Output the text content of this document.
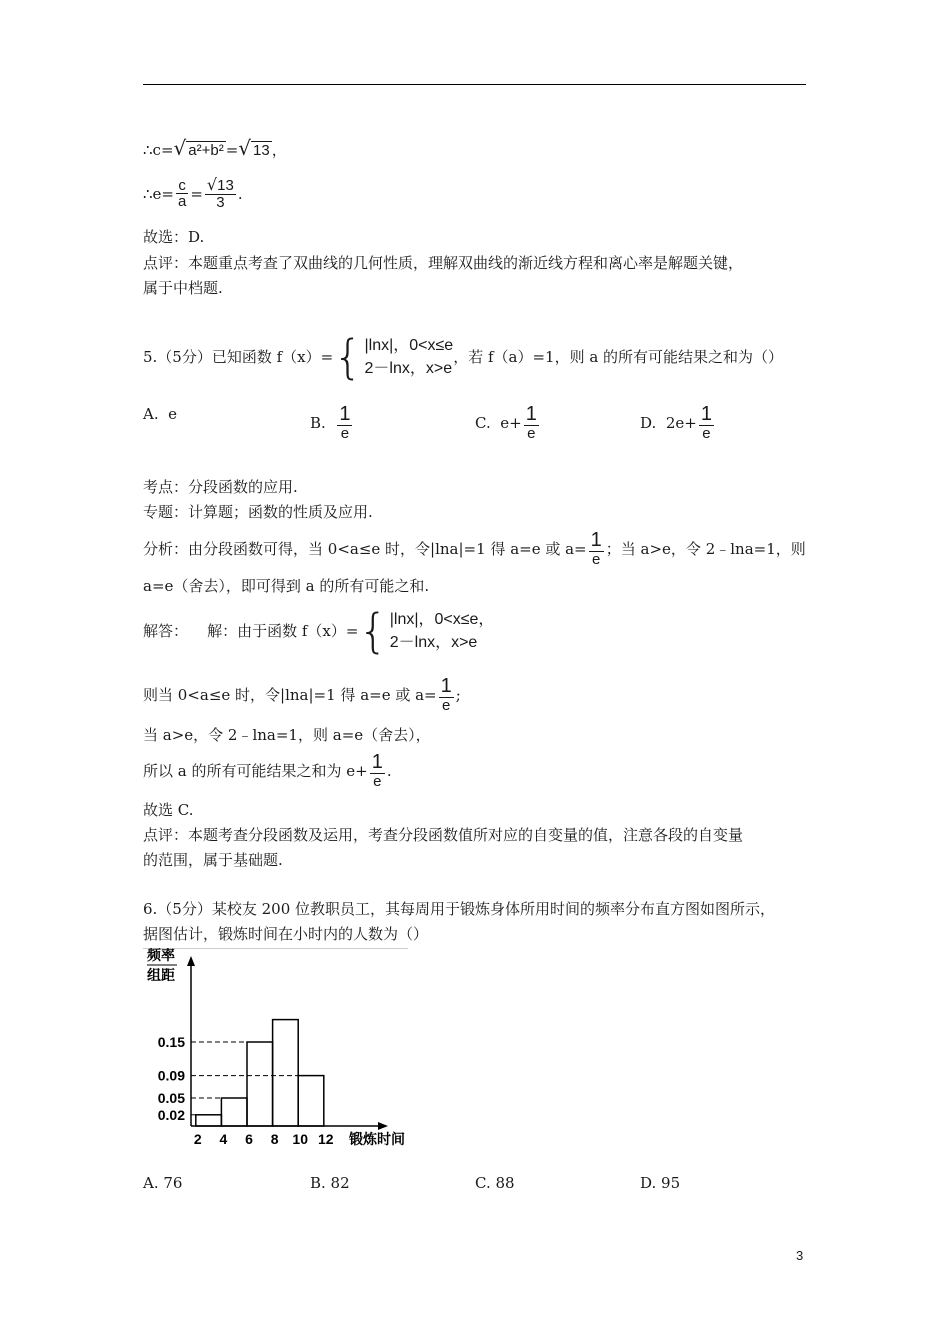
∴c=√ a²+b² =√ 13 ，
∴e= $\frac{c}{a} = \frac{√13}{3}$ .
故选：D.
点评：本题重点考查了双曲线的几何性质，理解双曲线的渐近线方程和离心率是解题关键，
属于中档题.
5.（5分）已知函数 f（x）= { |lnx|，0<x≤e
2－lnx，x>e
，若 f（a）=1，则 a 的所有可能结果之和为（）
A. e	B. $\frac{1}{e}$	C. $e+ \frac{1}{e}$	D. $2e+ \frac{1}{e}$
考点：分段函数的应用.
专题：计算题；函数的性质及应用.
分析：由分段函数可得，当 0<a≤e 时，令|lna|=1 得 a=e 或 $a= \frac{1}{e}$ ；当 a>e，令 2﹣lna=1，则
a=e（舍去），即可得到 a 的所有可能之和.
解答： 解：由于函数 f（x）= { |lnx|，0<x≤e，
2－lnx，x>e
则当 0<a≤e 时，令|lna|=1 得 a=e 或 $a= \frac{1}{e}$ ;
当 a>e，令 2﹣lna=1，则 a=e（舍去），
所以 a 的所有可能结果之和为 $e+ \frac{1}{e}$ .
故选 C.
点评：本题考查分段函数及运用，考查分段函数值所对应的自变量的值，注意各段的自变量
的范围，属于基础题.
6.（5分）某校友 200 位教职员工，其每周用于锻炼身体所用时间的频率分布直方图如图所示，
据图估计，锻炼时间在小时内的人数为（）
频率
组距
0.02
0.05
0.09
0.15
2 4 6 8 10 12 锻炼时间
A. 76	B. 82	C. 88	D. 95
3
